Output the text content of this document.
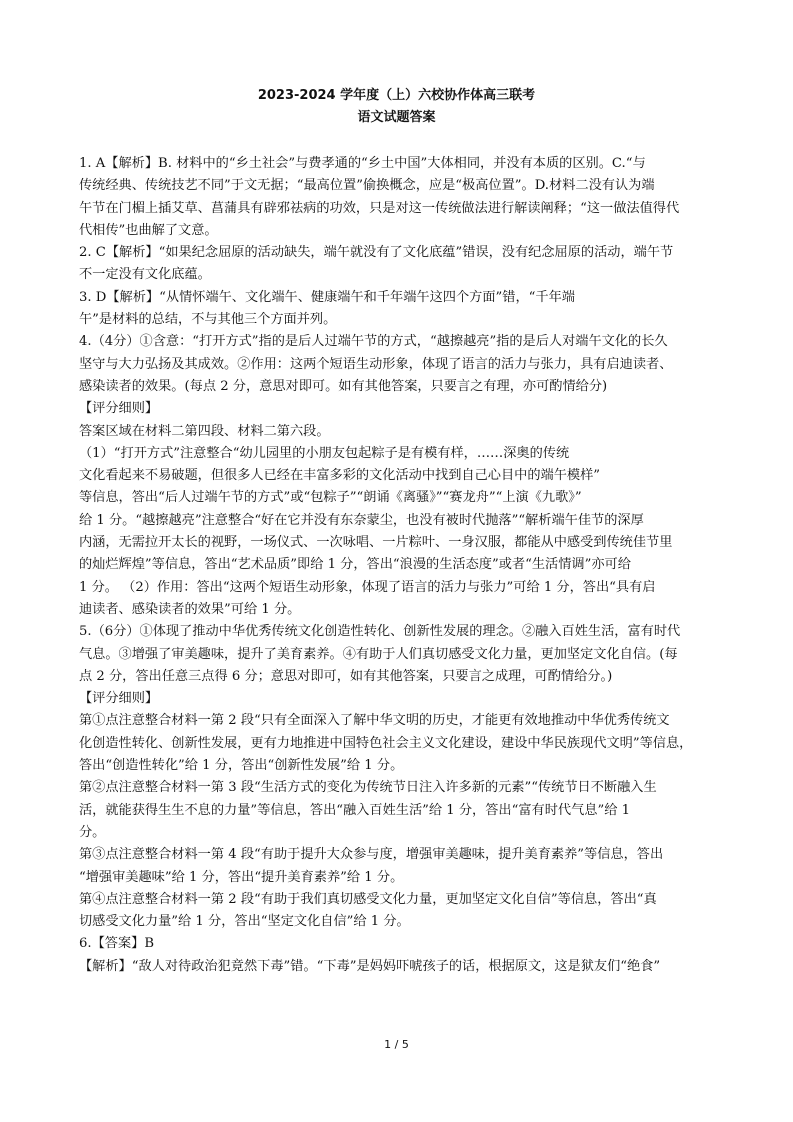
2023-2024 学年度（上）六校协作体高三联考
语文试题答案
1. A【解析】B. 材料中的“乡土社会”与费孝通的“乡土中国”大体相同，并没有本质的区别。C.“与
传统经典、传统技艺不同”于文无据；“最高位置”偷换概念，应是“极高位置”。D.材料二没有认为端
午节在门楣上插艾草、菖蒲具有辟邪祛病的功效，只是对这一传统做法进行解读阐释；“这一做法值得代
代相传”也曲解了文意。
2. C【解析】“如果纪念屈原的活动缺失，端午就没有了文化底蕴”错误，没有纪念屈原的活动，端午节
不一定没有文化底蕴。
3. D【解析】“从情怀端午、文化端午、健康端午和千年端午这四个方面”错，“千年端
午”是材料的总结，不与其他三个方面并列。
4.（4分）①含意：“打开方式”指的是后人过端午节的方式，“越擦越亮”指的是后人对端午文化的长久
坚守与大力弘扬及其成效。②作用：这两个短语生动形象，体现了语言的活力与张力，具有启迪读者、
感染读者的效果。(每点 2 分，意思对即可。如有其他答案，只要言之有理，亦可酌情给分)
【评分细则】
答案区域在材料二第四段、材料二第六段。
（1）“打开方式”注意整合“幼儿园里的小朋友包起粽子是有模有样，……深奥的传统
文化看起来不易破题，但很多人已经在丰富多彩的文化活动中找到自己心目中的端午模样”
等信息，答出“后人过端午节的方式”或“包粽子”“朗诵《离骚》”“赛龙舟”“上演《九歌》”
给 1 分。“越擦越亮”注意整合“好在它并没有东奈蒙尘，也没有被时代抛落”“解析端午佳节的深厚
内涵，无需拉开太长的视野，一场仪式、一次咏唱、一片粽叶、一身汉服，都能从中感受到传统佳节里
的灿烂辉煌”等信息，答出“艺术品质”即给 1 分，答出“浪漫的生活态度”或者“生活情调”亦可给
1 分。 （2）作用：答出“这两个短语生动形象，体现了语言的活力与张力”可给 1 分，答出“具有启
迪读者、感染读者的效果”可给 1 分。
5.（6分）①体现了推动中华优秀传统文化创造性转化、创新性发展的理念。②融入百姓生活，富有时代
气息。③增强了审美趣味，提升了美育素养。④有助于人们真切感受文化力量，更加坚定文化自信。(每
点 2 分，答出任意三点得 6 分；意思对即可，如有其他答案，只要言之成理，可酌情给分。)
【评分细则】
第①点注意整合材料一第 2 段“只有全面深入了解中华文明的历史，才能更有效地推动中华优秀传统文
化创造性转化、创新性发展，更有力地推进中国特色社会主义文化建设，建设中华民族现代文明”等信息，
答出“创造性转化”给 1 分，答出“创新性发展”给 1 分。
第②点注意整合材料一第 3 段“生活方式的变化为传统节日注入许多新的元素”“传统节日不断融入生
活，就能获得生生不息的力量”等信息，答出“融入百姓生活”给 1 分，答出“富有时代气息”给 1
分。
第③点注意整合材料一第 4 段“有助于提升大众参与度，增强审美趣味，提升美育素养”等信息，答出
“增强审美趣味”给 1 分，答出“提升美育素养”给 1 分。
第④点注意整合材料一第 2 段“有助于我们真切感受文化力量，更加坚定文化自信”等信息，答出“真
切感受文化力量”给 1 分，答出“坚定文化自信”给 1 分。
6.【答案】B
【解析】“敌人对待政治犯竟然下毒”错。“下毒”是妈妈吓唬孩子的话，根据原文，这是狱友们“绝食”
1 / 5
